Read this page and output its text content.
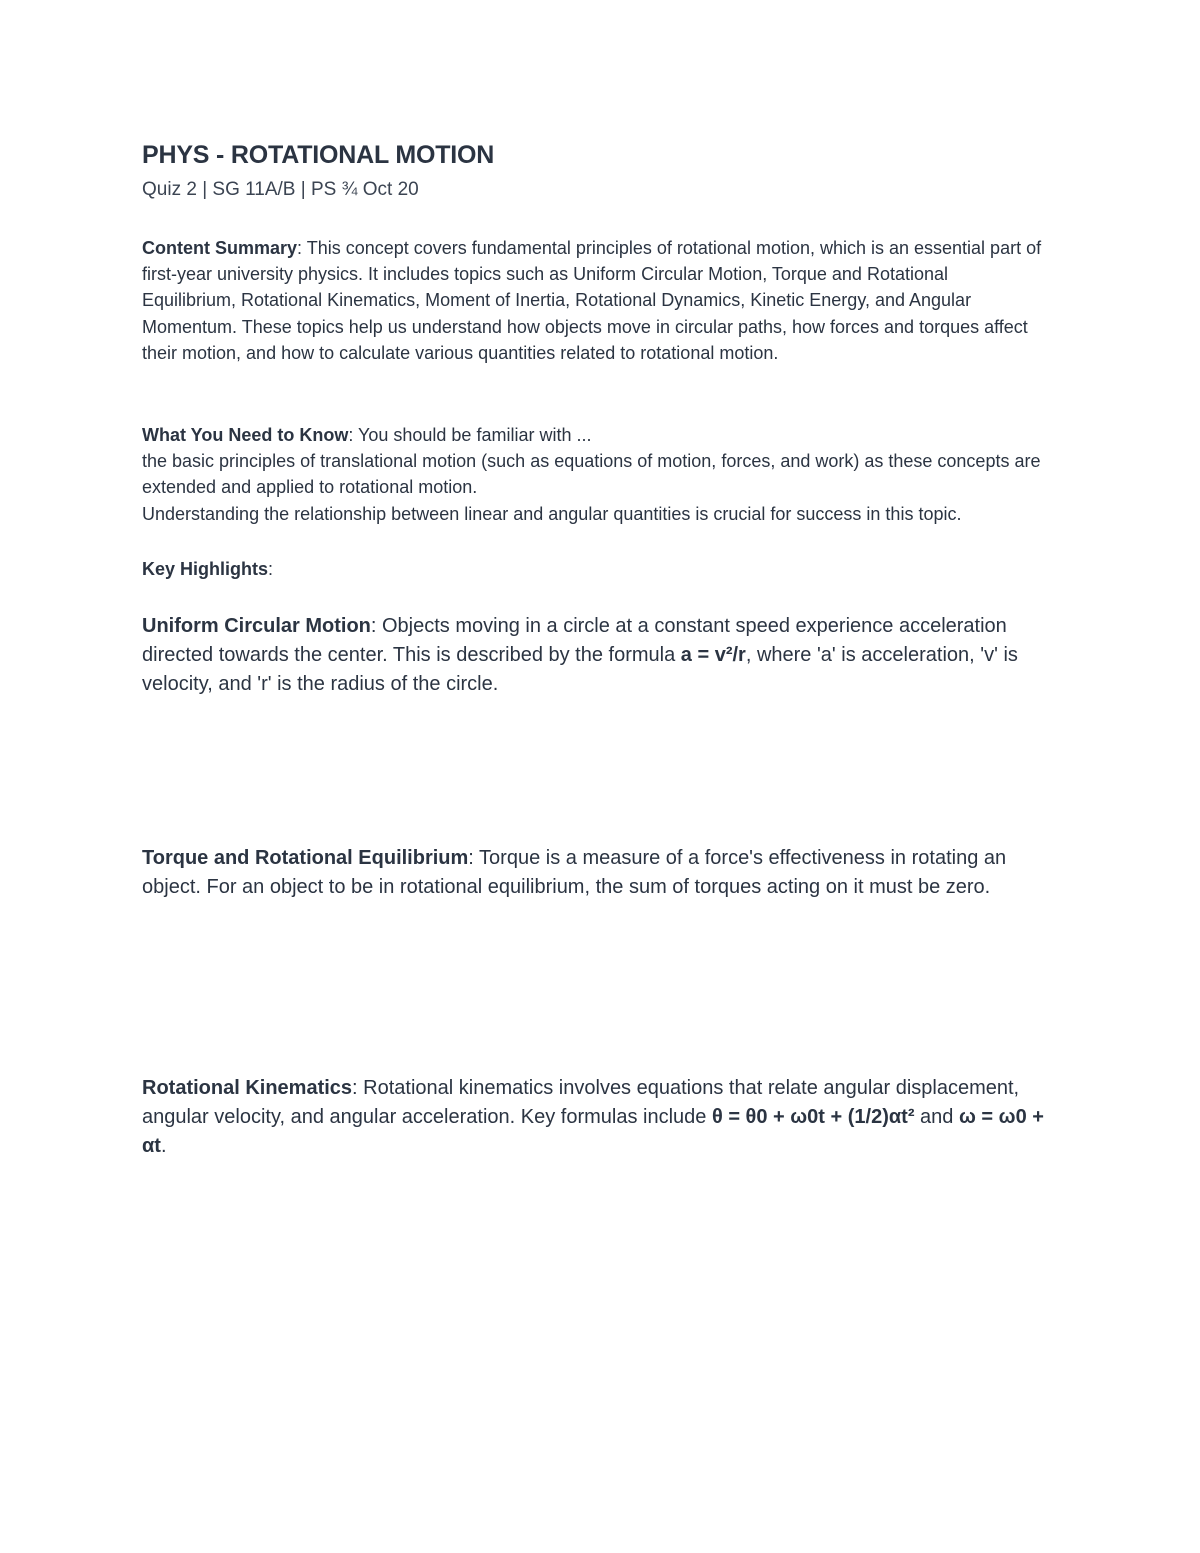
PHYS - ROTATIONAL MOTION
Quiz 2 | SG 11A/B | PS ¾ Oct 20
Content Summary: This concept covers fundamental principles of rotational motion, which is an essential part of first-year university physics. It includes topics such as Uniform Circular Motion, Torque and Rotational Equilibrium, Rotational Kinematics, Moment of Inertia, Rotational Dynamics, Kinetic Energy, and Angular Momentum. These topics help us understand how objects move in circular paths, how forces and torques affect their motion, and how to calculate various quantities related to rotational motion.
What You Need to Know: You should be familiar with ...
the basic principles of translational motion (such as equations of motion, forces, and work) as these concepts are extended and applied to rotational motion.
Understanding the relationship between linear and angular quantities is crucial for success in this topic.
Key Highlights:
Uniform Circular Motion: Objects moving in a circle at a constant speed experience acceleration directed towards the center. This is described by the formula a = v²/r, where 'a' is acceleration, 'v' is velocity, and 'r' is the radius of the circle.
Torque and Rotational Equilibrium: Torque is a measure of a force's effectiveness in rotating an object. For an object to be in rotational equilibrium, the sum of torques acting on it must be zero.
Rotational Kinematics: Rotational kinematics involves equations that relate angular displacement, angular velocity, and angular acceleration. Key formulas include θ = θ0 + ω0t + (1/2)αt² and ω = ω0 + αt.
